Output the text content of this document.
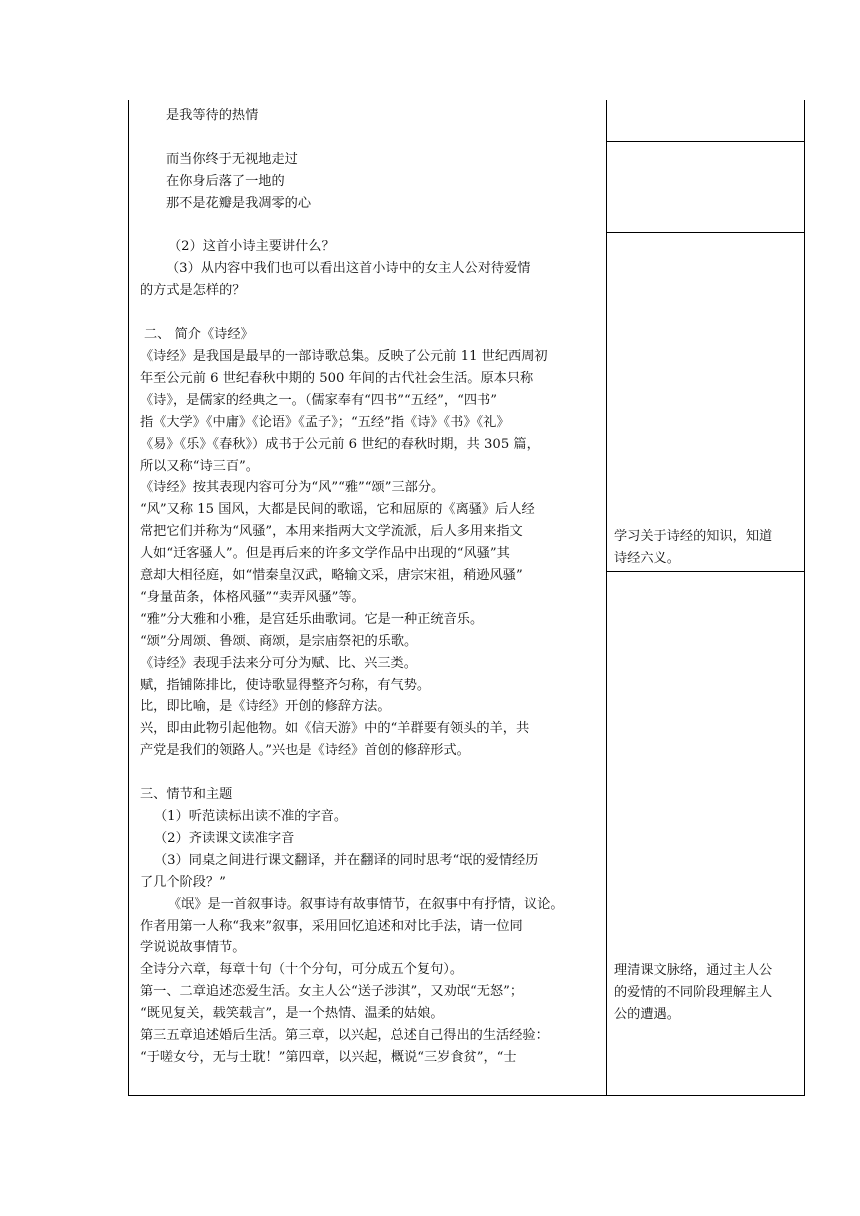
是我等待的热情

而当你终于无视地走过

在你身后落了一地的

那不是花瓣是我凋零的心

（2）这首小诗主要讲什么？

（3）从内容中我们也可以看出这首小诗中的女主人公对待爱情

的方式是怎样的？

二、 简介《诗经》

《诗经》是我国是最早的一部诗歌总集。反映了公元前 11 世纪西周初

年至公元前 6 世纪春秋中期的 500 年间的古代社会生活。原本只称

《诗》，是儒家的经典之一。（儒家奉有“四书”“五经”，“四书”

指《大学》《中庸》《论语》《孟子》；“五经”指《诗》《书》《礼》

《易》《乐》《春秋》）成书于公元前 6 世纪的春秋时期，共 305 篇，

所以又称“诗三百”。

《诗经》按其表现内容可分为“风”“雅”“颂”三部分。

“风”又称 15 国风，大都是民间的歌谣，它和屈原的《离骚》后人经

常把它们并称为“风骚”，本用来指两大文学流派，后人多用来指文

人如“迁客骚人”。但是再后来的许多文学作品中出现的“风骚”其

意却大相径庭，如“惜秦皇汉武，略输文采，唐宗宋祖，稍逊风骚”

“身量苗条，体格风骚”“卖弄风骚”等。

“雅”分大雅和小雅，是宫廷乐曲歌词。它是一种正统音乐。

“颂”分周颂、鲁颂、商颂，是宗庙祭祀的乐歌。

《诗经》表现手法来分可分为赋、比、兴三类。

赋，指铺陈排比，使诗歌显得整齐匀称，有气势。

比，即比喻，是《诗经》开创的修辞方法。

兴，即由此物引起他物。如《信天游》中的“羊群要有领头的羊，共

产党是我们的领路人。”兴也是《诗经》首创的修辞形式。

三、情节和主题

（1）听范读标出读不准的字音。

（2）齐读课文读准字音

（3）同桌之间进行课文翻译，并在翻译的同时思考“氓的爱情经历

了几个阶段？”

《氓》是一首叙事诗。叙事诗有故事情节，在叙事中有抒情，议论。

作者用第一人称“我来”叙事，采用回忆追述和对比手法，请一位同

学说说故事情节。

全诗分六章，每章十句（十个分句，可分成五个复句）。

第一、二章追述恋爱生活。女主人公“送子涉淇”，又劝氓“无怒”；

“既见复关，载笑载言”，是一个热情、温柔的姑娘。

第三五章追述婚后生活。第三章，以兴起，总述自己得出的生活经验：

“于嗟女兮，无与士耽！”第四章，以兴起，概说“三岁食贫”，“士

学习关于诗经的知识，知道

诗经六义。

理清课文脉络，通过主人公

的爱情的不同阶段理解主人

公的遭遇。
